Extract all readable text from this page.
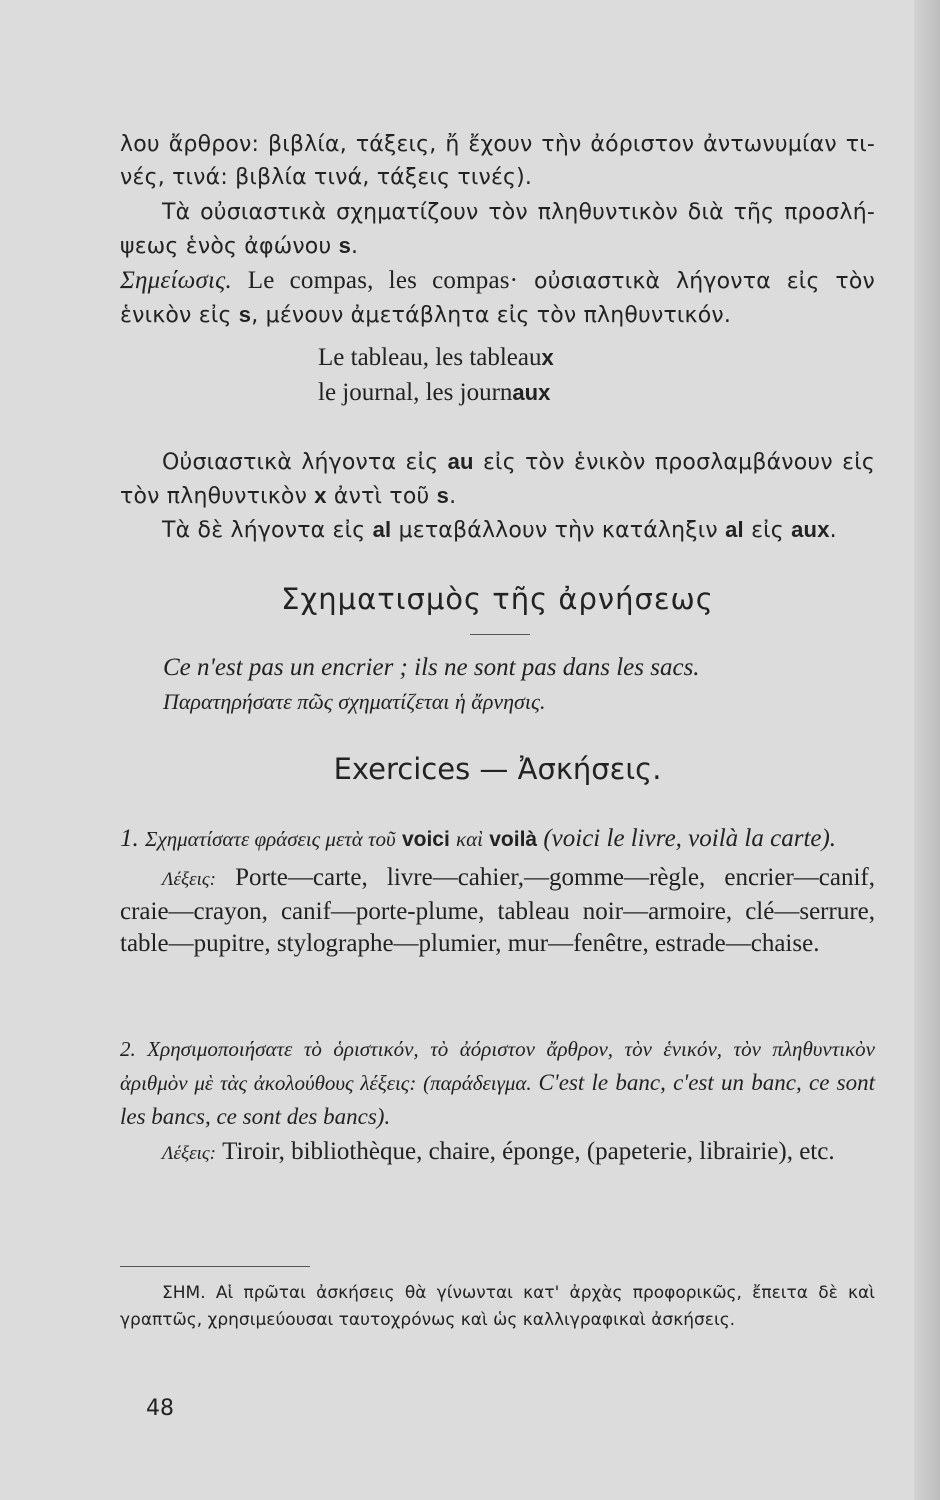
λου ἄρθρον: βιβλία, τάξεις, ἤ ἔχουν τὴν ἀόριστον ἀντωνυμίαν τι-

νές, τινά: βιβλία τινά, τάξεις τινές).

Τὰ οὐσιαστικὰ σχηματίζουν τὸν πληθυντικὸν διὰ τῆς προσλή-ψεως ἑνὸς ἀφώνου s.

Σημείωσις. Le compas, les compas· οὐσιαστικὰ λήγοντα εἰς τὸν ἑνικὸν εἰς s, μένουν ἀμετάβλητα εἰς τὸν πληθυντικόν.

Le tableau, les tableaux

le journal, les journaux

Οὐσιαστικὰ λήγοντα εἰς au εἰς τὸν ἑνικὸν προσλαμβάνουν εἰς τὸν πληθυντικὸν x ἀντὶ τοῦ s.

Τὰ δὲ λήγοντα εἰς al μεταβάλλουν τὴν κατάληξιν al εἰς aux.

Σχηματισμὸς τῆς ἀρνήσεως

Ce n'est pas un encrier ; ils ne sont pas dans les sacs.

Παρατηρήσατε πῶς σχηματίζεται ἡ ἄρνησις.

Exercices — Ἀσκήσεις.

1. Σχηματίσατε φράσεις μετὰ τοῦ voici καὶ voilà (voici le livre, voilà la carte).

Λέξεις: Porte—carte, livre—cahier,—gomme—règle, encrier—canif, craie—crayon, canif—porte-plume, tableau noir—armoire, clé—serrure, table—pupitre, stylographe—plumier, mur—fenêtre, estrade—chaise.

2. Χρησιμοποιήσατε τὸ ὁριστικόν, τὸ ἀόριστον ἄρθρον, τὸν ἑνικόν, τὸν πληθυντικὸν ἀριθμὸν μὲ τὰς ἀκολούθους λέξεις: (παράδειγμα. C'est le banc, c'est un banc, ce sont les bancs, ce sont des bancs).

Λέξεις: Tiroir, bibliothèque, chaire, éponge, (papeterie, librairie), etc.

ΣΗΜ. Αἱ πρῶται ἀσκήσεις θὰ γίνωνται κατ' ἀρχὰς προφορικῶς, ἔπειτα δὲ καὶ γραπτῶς, χρησιμεύουσαι ταυτοχρόνως καὶ ὡς καλλιγραφικαὶ ἀσκήσεις.
48
